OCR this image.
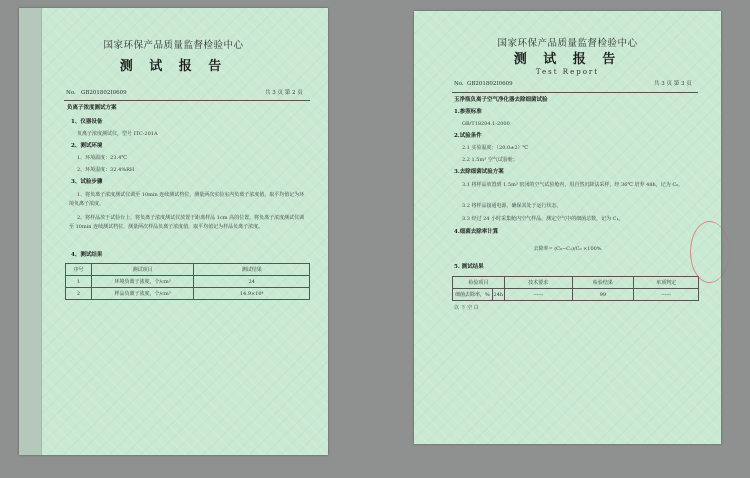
国家环保产品质量监督检验中心
测 试 报 告
No. GB201802I0609	共 3 页 第 2 页
负离子浓度测试方案
1、仪器设备
负离子浓度测试仪，型号 ITC-201A
2、测试环境
1、环境温度：23.4℃
2、环境湿度：32.4%RH
3、试验步骤
1、将负离子浓度测试仪调至 10min 连续测试档位，测量两次实验室内负离子浓度值，取平均值记为环境负离子浓度。
2、将样品放于试验台上，将负离子浓度测试仪放置于距离样品 1cm 高的位置，将负离子浓度测试仪调至 10min 连续测试档位，测量两次样品负离子浓度值，取平均值记为样品负离子浓度。
4、测试结果
序号	测试项目	测试结果
1	环境负离子浓度，个/cm³	24
2	样品负离子浓度，个/cm³	14.9×10⁴
国家环保产品质量监督检验中心
测 试 报 告
Test Report
No. GB201802I0609	共 3 页 第 3 页
玉净瓶负离子空气净化器去除细菌试验
1.参照标准
GB/T18204.1-2000
2.试验条件
2.1 实验温度：（20.0±2）℃
2.2 1.5m³ 空气试验舱；
3.去除细菌试验方案
3.1 将样品放置到 1.5m³ 密闭的空气试验舱内，用自然沉降法采样，经 36℃ 培养 48h，记为 C₀。
3.2 将样品接通电源，确保其处于运行状态。
3.3 经过 24 小时采集舱内空气样品，测定空气中的细菌总数，记为 C₁。
4.细菌去除率计算
去除率= (C₀−C₁)/C₀ ×100%
5. 测试结果
检验项目		技术要求	检验结果	单项判定
细菌去除率，%	24h	------	99	------
以 下 空 白
